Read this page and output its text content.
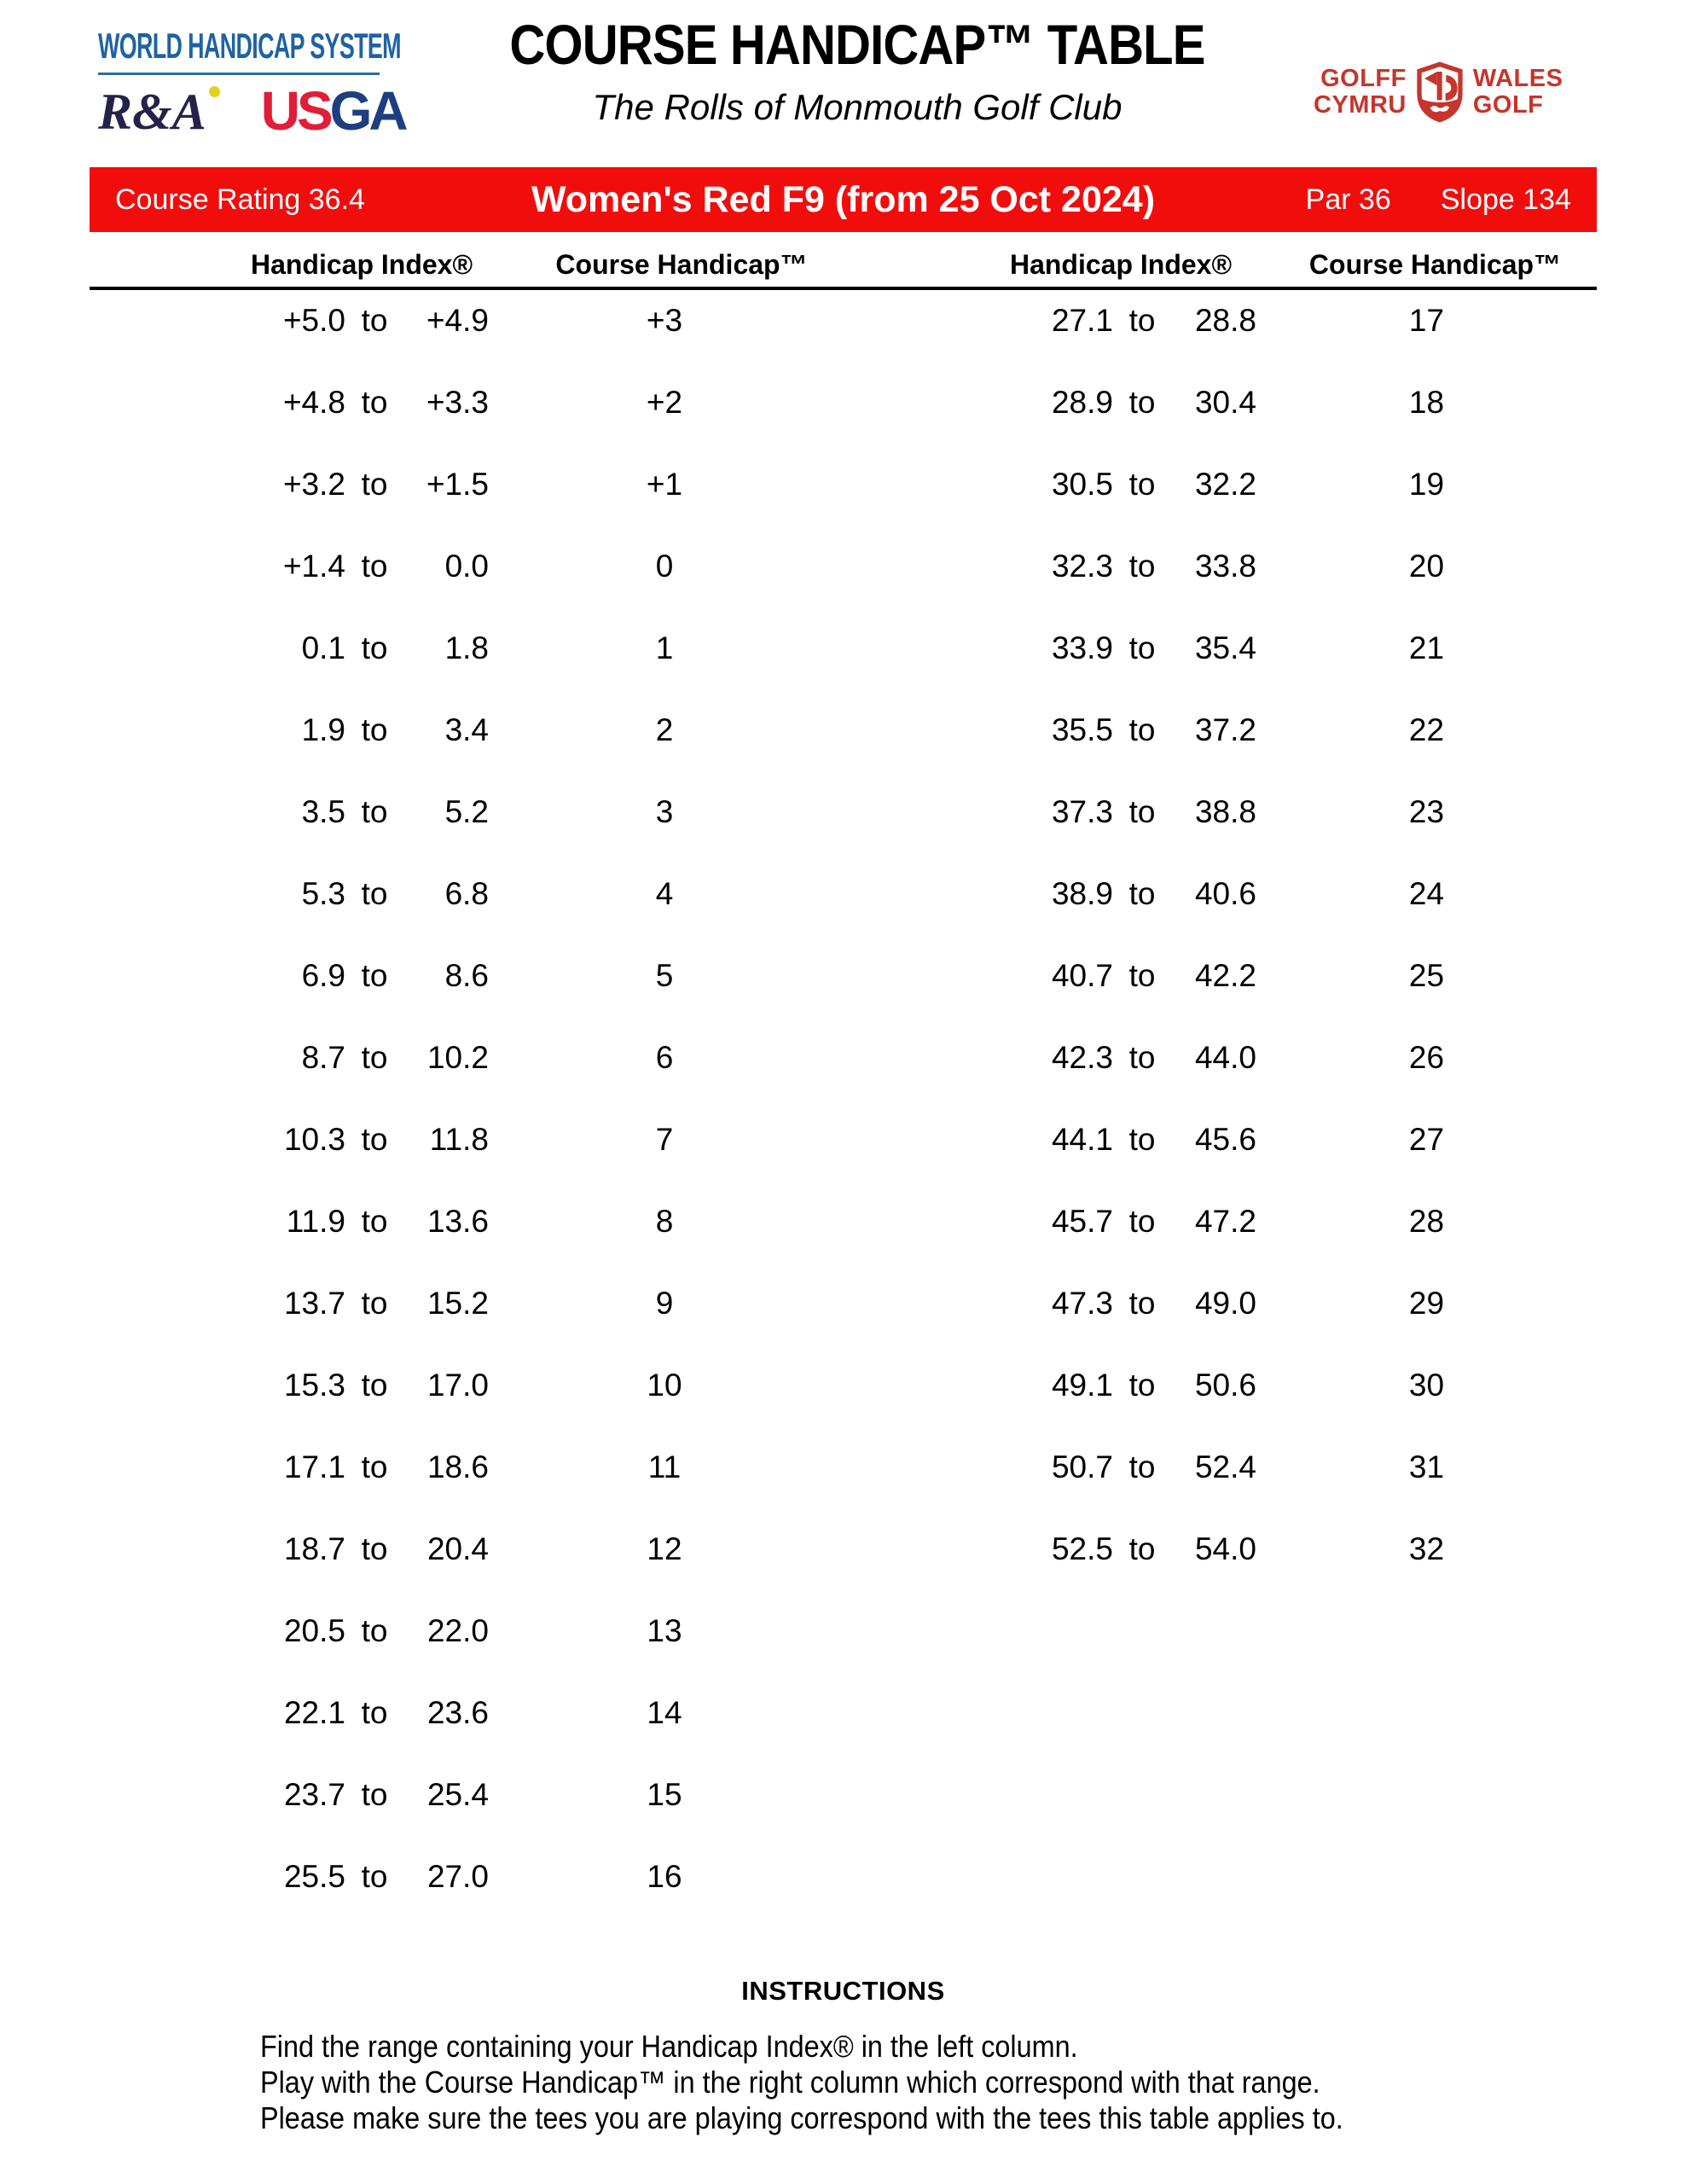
WORLD HANDICAP SYSTEM
R&A USGA
COURSE HANDICAP™ TABLE
The Rolls of Monmouth Golf Club
GOLFF
CYMRU
WALES
GOLF
Course Rating 36.4	Women's Red F9 (from 25 Oct 2024)	Par 36 Slope 134
Handicap Index®	Course Handicap™	Handicap Index®	Course Handicap™
+5.0 to	+4.9	+3
+4.8 to	+3.3	+2
+3.2 to	+1.5	+1
+1.4 to	0.0	0
0.1 to	1.8	1
1.9 to	3.4	2
3.5 to	5.2	3
5.3 to	6.8	4
6.9 to	8.6	5
8.7 to	10.2	6
10.3 to	11.8	7
11.9 to	13.6	8
13.7 to	15.2	9
15.3 to	17.0	10
17.1 to	18.6	11
18.7 to	20.4	12
20.5 to	22.0	13
22.1 to	23.6	14
23.7 to	25.4	15
25.5 to	27.0	16
27.1 to	28.8	17
28.9 to	30.4	18
30.5 to	32.2	19
32.3 to	33.8	20
33.9 to	35.4	21
35.5 to	37.2	22
37.3 to	38.8	23
38.9 to	40.6	24
40.7 to	42.2	25
42.3 to	44.0	26
44.1 to	45.6	27
45.7 to	47.2	28
47.3 to	49.0	29
49.1 to	50.6	30
50.7 to	52.4	31
52.5 to	54.0	32
INSTRUCTIONS
Find the range containing your Handicap Index® in the left column.
Play with the Course Handicap™ in the right column which correspond with that range.
Please make sure the tees you are playing correspond with the tees this table applies to.
